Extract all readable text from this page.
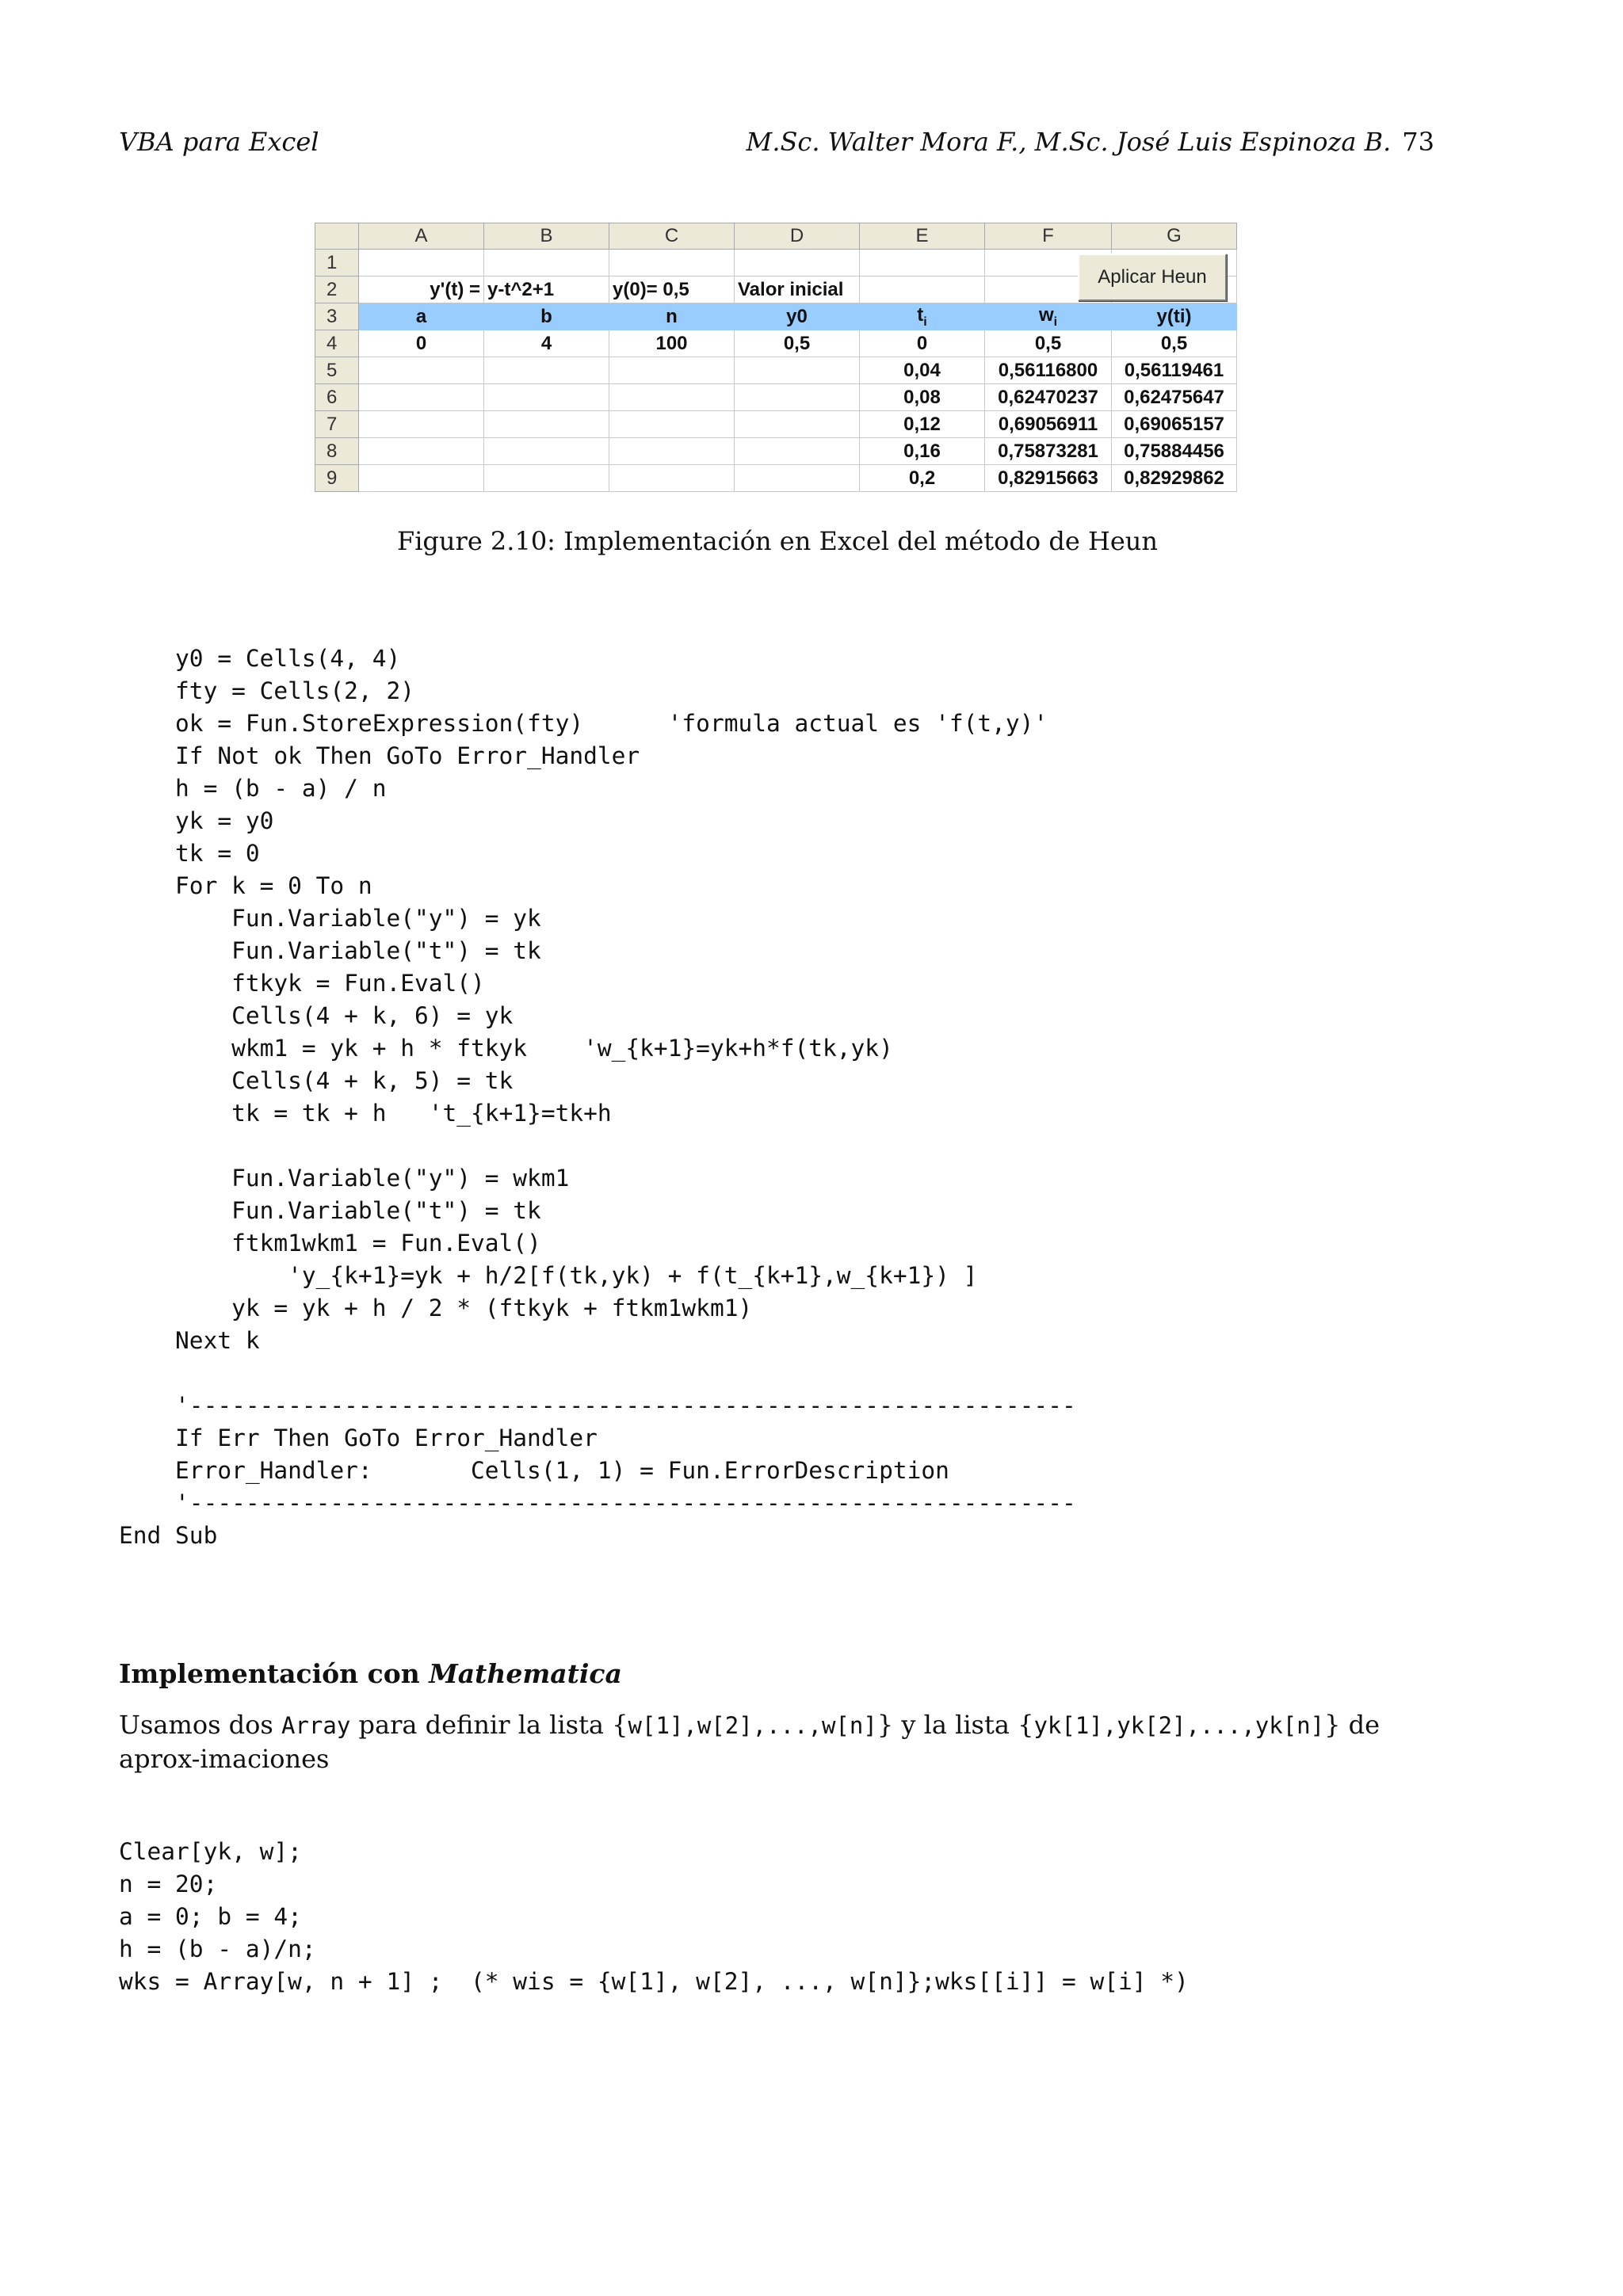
VBA para Excel	M.Sc. Walter Mora F., M.Sc. José Luis Espinoza B. 73
	A	B	C	D	E	F	G
1							
2	y'(t) =	y-t^2+1	y(0)= 0,5	Valor inicial			
3	a	b	n	y0	$t_i$	$w_i$	y(ti)
4	0	4	100	0,5	0	0,5	0,5
5					0,04	0,56116800	0,56119461
6					0,08	0,62470237	0,62475647
7					0,12	0,69056911	0,69065157
8					0,16	0,75873281	0,75884456
9					0,2	0,82915663	0,82929862
Aplicar Heun
Figure 2.10: Implementación en Excel del método de Heun
y0 = Cells(4, 4)
fty = Cells(2, 2)
ok = Fun.StoreExpression(fty)      'formula actual es 'f(t,y)'
If Not ok Then GoTo Error_Handler
h = (b - a) / n
yk = y0
tk = 0
For k = 0 To n
Fun.Variable("y") = yk
Fun.Variable("t") = tk
ftkyk = Fun.Eval()
Cells(4 + k, 6) = yk
wkm1 = yk + h * ftkyk    'w_{k+1}=yk+h*f(tk,yk)
Cells(4 + k, 5) = tk
tk = tk + h   't_{k+1}=tk+h

Fun.Variable("y") = wkm1
Fun.Variable("t") = tk
ftkm1wkm1 = Fun.Eval()
'y_{k+1}=yk + h/2[f(tk,yk) + f(t_{k+1},w_{k+1}) ]
yk = yk + h / 2 * (ftkyk + ftkm1wkm1)
Next k

'---------------------------------------------------------------
If Err Then GoTo Error_Handler
Error_Handler:       Cells(1, 1) = Fun.ErrorDescription
'---------------------------------------------------------------
End Sub
Implementación con Mathematica
Usamos dos Array para definir la lista {w[1],w[2],...,w[n]} y la lista {yk[1],yk[2],...,yk[n]} de aprox-imaciones
Clear[yk, w];
n = 20;
a = 0; b = 4;
h = (b - a)/n;
wks = Array[w, n + 1] ;  (* wis = {w[1], w[2], ..., w[n]};wks[[i]] = w[i] *)
